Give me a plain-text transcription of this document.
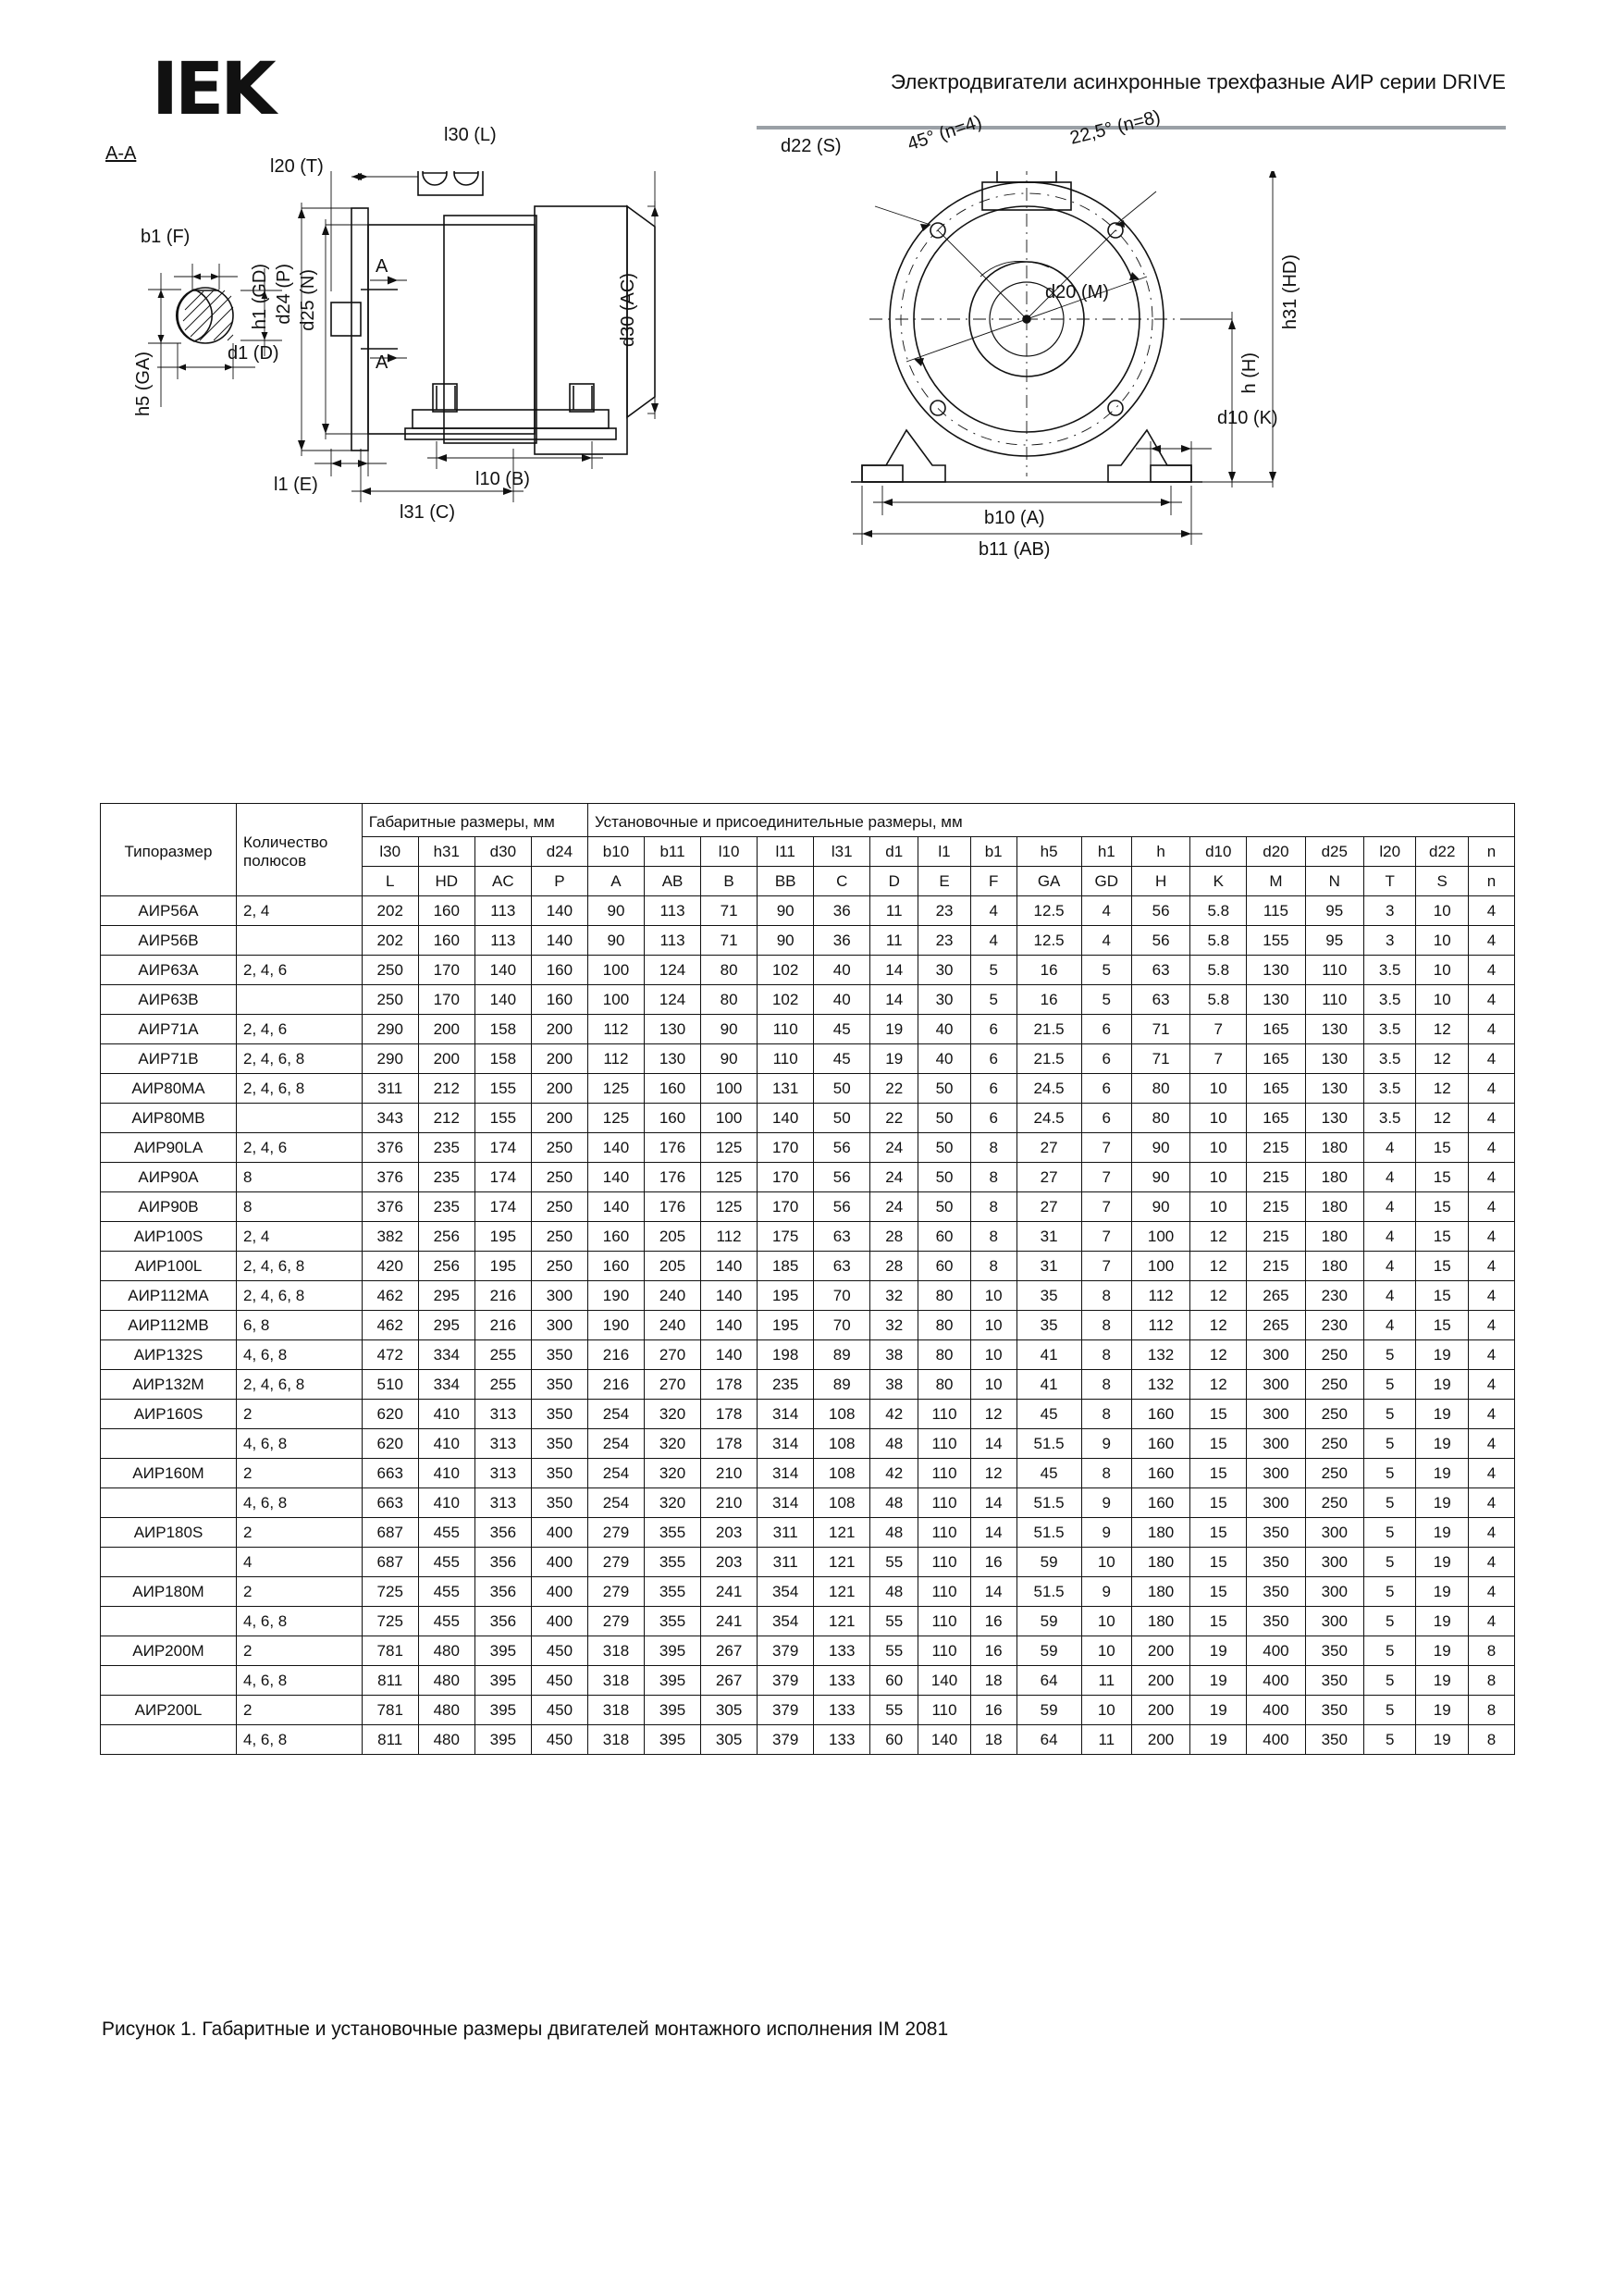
IEK	Электродвигатели асинхронные трехфазные АИР серии DRIVE
A-A
b1 (F)
h1 (GD)
h5 (GA)	d1 (D)
l20 (T)
l30 (L)
d24 (P) d25 (N)
A
A
l1 (E)	l10 (B)
l31 (C)
d30 (AC)
d22 (S)	45° (n=4)	22,5° (n=8)
d20 (M)	h31 (HD)
h (H)
d10 (K)
b10 (A)
b11 (AB)
Типоразмер	Количество полюсов	Габаритные размеры, мм				Установочные и присоединительные размеры, мм																
		l30	h31	d30	d24	b10	b11	l10	l11	l31	d1	l1	b1	h5	h1	h	d10	d20	d25	l20	d22	n
		L	HD	AC	P	A	AB	B	BB	C	D	E	F	GA	GD	H	K	M	N	T	S	n
АИР56А	2, 4	202	160	113	140	90	113	71	90	36	11	23	4	12.5	4	56	5.8	115	95	3	10	4
АИР56В		202	160	113	140	90	113	71	90	36	11	23	4	12.5	4	56	5.8	155	95	3	10	4
АИР63А	2, 4, 6	250	170	140	160	100	124	80	102	40	14	30	5	16	5	63	5.8	130	110	3.5	10	4
АИР63В		250	170	140	160	100	124	80	102	40	14	30	5	16	5	63	5.8	130	110	3.5	10	4
АИР71А	2, 4, 6	290	200	158	200	112	130	90	110	45	19	40	6	21.5	6	71	7	165	130	3.5	12	4
АИР71В	2, 4, 6, 8	290	200	158	200	112	130	90	110	45	19	40	6	21.5	6	71	7	165	130	3.5	12	4
АИР80МА	2, 4, 6, 8	311	212	155	200	125	160	100	131	50	22	50	6	24.5	6	80	10	165	130	3.5	12	4
АИР80МВ		343	212	155	200	125	160	100	140	50	22	50	6	24.5	6	80	10	165	130	3.5	12	4
АИР90LA	2, 4, 6	376	235	174	250	140	176	125	170	56	24	50	8	27	7	90	10	215	180	4	15	4
АИР90А	8	376	235	174	250	140	176	125	170	56	24	50	8	27	7	90	10	215	180	4	15	4
АИР90В	8	376	235	174	250	140	176	125	170	56	24	50	8	27	7	90	10	215	180	4	15	4
АИР100S	2, 4	382	256	195	250	160	205	112	175	63	28	60	8	31	7	100	12	215	180	4	15	4
АИР100L	2, 4, 6, 8	420	256	195	250	160	205	140	185	63	28	60	8	31	7	100	12	215	180	4	15	4
АИР112МА	2, 4, 6, 8	462	295	216	300	190	240	140	195	70	32	80	10	35	8	112	12	265	230	4	15	4
АИР112МВ	6, 8	462	295	216	300	190	240	140	195	70	32	80	10	35	8	112	12	265	230	4	15	4
АИР132S	4, 6, 8	472	334	255	350	216	270	140	198	89	38	80	10	41	8	132	12	300	250	5	19	4
АИР132М	2, 4, 6, 8	510	334	255	350	216	270	178	235	89	38	80	10	41	8	132	12	300	250	5	19	4
АИР160S	2	620	410	313	350	254	320	178	314	108	42	110	12	45	8	160	15	300	250	5	19	4
	4, 6, 8	620	410	313	350	254	320	178	314	108	48	110	14	51.5	9	160	15	300	250	5	19	4
АИР160М	2	663	410	313	350	254	320	210	314	108	42	110	12	45	8	160	15	300	250	5	19	4
	4, 6, 8	663	410	313	350	254	320	210	314	108	48	110	14	51.5	9	160	15	300	250	5	19	4
АИР180S	2	687	455	356	400	279	355	203	311	121	48	110	14	51.5	9	180	15	350	300	5	19	4
	4	687	455	356	400	279	355	203	311	121	55	110	16	59	10	180	15	350	300	5	19	4
АИР180М	2	725	455	356	400	279	355	241	354	121	48	110	14	51.5	9	180	15	350	300	5	19	4
	4, 6, 8	725	455	356	400	279	355	241	354	121	55	110	16	59	10	180	15	350	300	5	19	4
АИР200М	2	781	480	395	450	318	395	267	379	133	55	110	16	59	10	200	19	400	350	5	19	8
	4, 6, 8	811	480	395	450	318	395	267	379	133	60	140	18	64	11	200	19	400	350	5	19	8
АИР200L	2	781	480	395	450	318	395	305	379	133	55	110	16	59	10	200	19	400	350	5	19	8
	4, 6, 8	811	480	395	450	318	395	305	379	133	60	140	18	64	11	200	19	400	350	5	19	8
Рисунок 1. Габаритные и установочные размеры двигателей монтажного исполнения IM 2081
